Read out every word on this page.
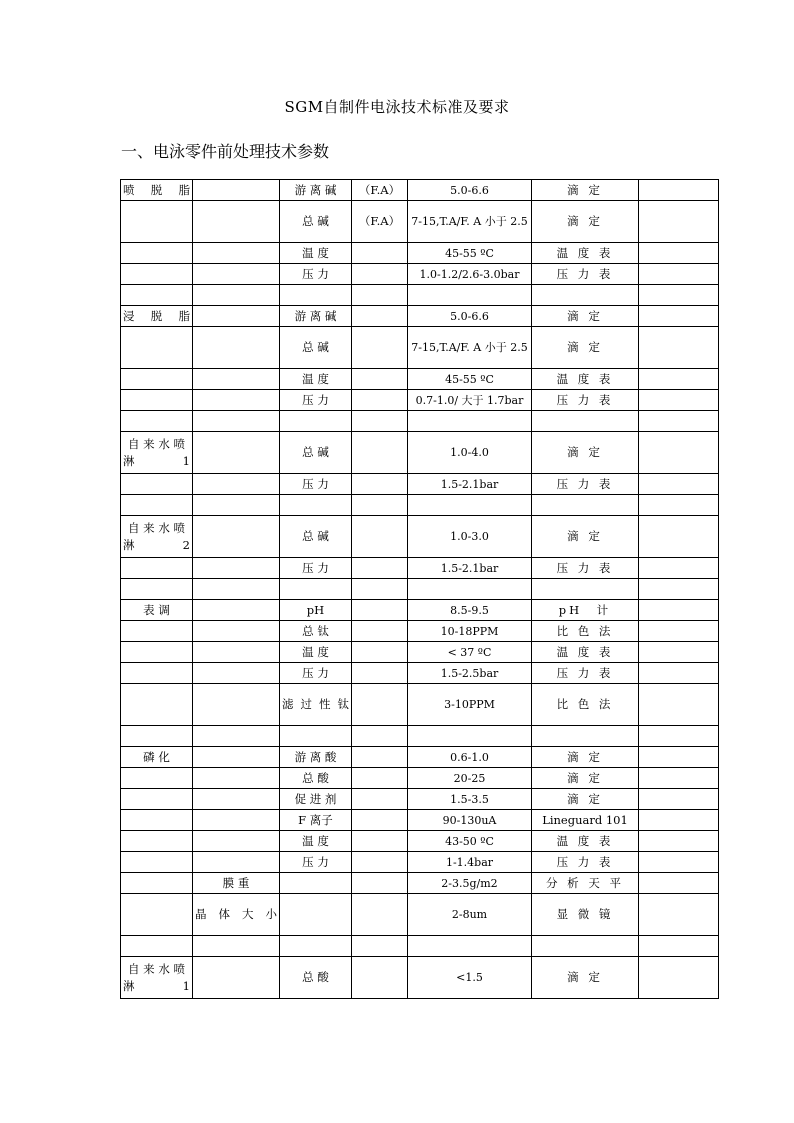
SGM自制件电泳技术标准及要求
一、电泳零件前处理技术参数
喷 脱 脂		游 离 碱	（F.A）	5.0-6.6	滴 定	
		总 碱	（F.A）	7-15,T.A/F. A 小于 2.5	滴 定	
		温 度		45-55 ºC	温 度 表	
		压 力		1.0-1.2/2.6-3.0bar	压 力 表	

浸 脱 脂		游 离 碱		5.0-6.6	滴 定	
		总 碱		7-15,T.A/F. A 小于 2.5	滴 定	
		温 度		45-55 ºC	温 度 表	
		压 力		0.7-1.0/ 大于 1.7bar	压 力 表	

自 来 水 喷 淋 1		总 碱		1.0-4.0	滴 定	
		压 力		1.5-2.1bar	压 力 表	

自 来 水 喷 淋 2		总 碱		1.0-3.0	滴 定	
		压 力		1.5-2.1bar	压 力 表	

表 调		pH		8.5-9.5	pH　计	
		总 钛		10-18PPM	比 色 法	
		温 度		< 37 ºC	温 度 表	
		压 力		1.5-2.5bar	压 力 表	
		滤 过 性 钛		3-10PPM	比 色 法	

磷 化		游 离 酸		0.6-1.0	滴 定	
		总 酸		20-25	滴 定	
		促 进 剂		1.5-3.5	滴 定	
		F 离子		90-130uA	Lineguard 101	
		温 度		43-50 ºC	温 度 表	
		压 力		1-1.4bar	压 力 表	
	膜 重			2-3.5g/m2	分 析 天 平	
	晶 体 大 小			2-8um	显 微 镜	

自 来 水 喷 淋 1		总 酸		<1.5	滴 定	
